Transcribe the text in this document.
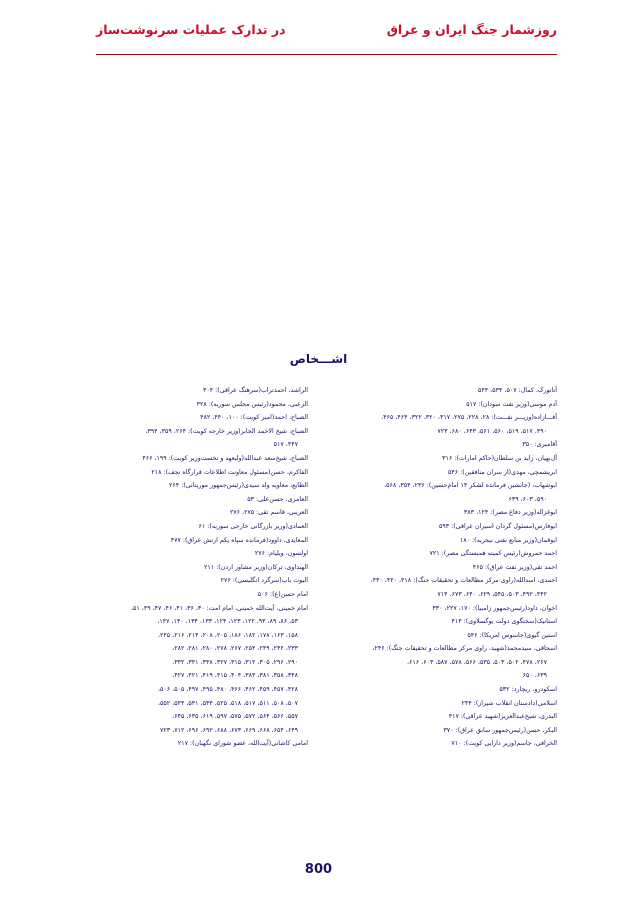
روزشمار جنگ ایران و عراق
در تدارک عملیات سرنوشت‌ساز
اشـــخاص
آتاتورک، کمال: ۵۰۷، ۵۳۴، ۵۴۴
آدم موسی(وزیر نفت سودان): ۵۱۷
آقـــازاده(وزیـــر نفـــت): ۲۸، ۲۲۸، ۲۷۵، ۳۱۷، ۳۲۰، ۳۲۲، ۴۶۴، ۴۶۵،
۴۹۰، ۵۱۷، ۵۱۹، ۵۶۰، ۵۶۱، ۶۴۳، ۶۸۰، ۷۲۳
آقامیری: ۳۵۰
آل‌نهیان، زاید بن سلطان(حاکم امارات): ۳۱۶
ابریشمچی، مهدی(از سران منافقین): ۵۴۶
ابوشهاب، (جانشین فرمانده لشکر ۱۴ امام‌حسین): ۲۳۶، ۳۵۴، ۵۶۸،
۵۹۰، ۶۰۳، ۶۳۹
ابوغزاله(وزیر دفاع مصر): ۱۲۴، ۳۸۳
ابوفارس(مسئول گردان اسیران عراقی): ۵۹۳
ابوقمان(وزیر منابع نفتی نیجریه): ۱۸۰
احمد حمروش(رئیس کمیته همبستگی مصر): ۷۲۱
احمد تقی(وزیر نفت عراق): ۴۶۵
احمدی، اسدالله(راوی مرکز مطالعات و تحقیقات جنگ): ۴۱۸، ۴۲۰، ۴۳۰،
۴۴۲، ۴۹۲، ۵۰۳، ۵۴۵، ۶۲۹، ۶۴۰، ۶۷۳، ۷۱۴
اخوان، داود(رئیس‌جمهور زامبیا): ۱۷۰، ۲۲۷، ۳۳۰
استانیک(سخنگوی دولت یوگسلاوی): ۴۱۳
استین گیوی(جاسوس امریکا): ۵۴۶
اسحاقی، سیدمحمد(شهید، راوی مرکز مطالعات و تحقیقات جنگ): ۲۴۶،
۲۶۷، ۴۷۸، ۵۰۲، ۵۰۳، ۵۳۵، ۵۶۶، ۵۷۸، ۵۸۷، ۶۰۳، ۶۱۶،
۶۳۹، ۶۵۰
اسکودرو، ریچارد: ۵۳۲
اسلامی(دادستان انقلاب شیراز): ۲۴۴
البدری، شیخ‌عبدالعزیز(شهید عراقی): ۴۱۷
البکر، حسن(رئیس‌جمهور سابق عراق): ۳۷۰
الخرافی، جاسم(وزیر دارایی کویت): ۷۱۰
الراشد، احمدتراب(سرهنگ عراقی): ۳۰۴
الزعبی، محمود(رئیس مجلس سوریه): ۳۲۸
الصباح، احمد(امیر کویت): ۱۰۰، ۴۴۰، ۴۸۲
الصباح، شیخ الاحمد الجابر(وزیر خارجه کویت): ۲۶۴، ۳۵۹، ۳۹۴،
۴۴۷، ۵۱۷
الصباح، شیخ‌سعد عبدالله(ولیعهد و نخست‌وزیر کویت): ۱۹۹، ۴۶۶
الفاکرم، حسن(مسئول معاونت اطلاعات قرارگاه نجف): ۲۱۸
الطایع، معاویه ولد سیدی(رئیس‌جمهور موریتانی): ۲۶۴
العامری، حسن‌علی: ۵۳
العریبی، قاسم تقی: ۲۷۵، ۲۷۶
العمادی(وزیر بازرگانی خارجی سوریه): ۶۱
المعایدی، داوود(فرمانده سپاه یکم ارتش عراق): ۴۷۷
اولسون، ویلیام: ۲۷۶
الهنداوی، ترکان(وزیر مشاور اردن): ۲۱۱
الیوت باب(سرگرد انگلیسی): ۲۷۶
امام حسن(ع): ۵۰۶
امام خمینی، آیت‌الله خمینی، امام امت: ۳۰، ۳۶، ۴۱، ۴۶، ۴۷، ۴۹، ۵۱،
۵۳، ۸۶، ۸۹، ۹۳، ۱۲۲، ۱۲۳، ۱۲۴، ۱۳۳، ۱۳۴، ۱۴۰، ۱۴۷،
۱۵۸، ۱۶۳، ۱۷۸، ۱۸۲، ۱۸۶، ۲۰۵، ۲۰۸، ۲۱۴، ۲۱۶، ۲۲۵،
۲۳۳، ۲۴۲، ۲۴۹، ۲۵۴، ۲۶۷، ۲۷۸، ۲۸۰، ۲۸۱، ۲۸۲،
۲۹۰، ۲۹۶، ۳۰۵، ۳۱۲، ۳۱۵، ۳۲۷، ۳۳۸، ۳۴۱، ۳۴۲،
۳۴۸، ۳۵۸، ۳۸۱، ۳۸۳، ۴۰۴، ۴۱۵، ۴۱۹، ۴۲۱، ۴۲۷،
۴۲۸، ۴۵۷، ۴۵۹، ۴۶۲، ۴۶۶، ۴۸۰، ۴۹۵، ۴۹۷، ۵۰۵، ۵۰۶،
۵۰۷، ۵۰۸، ۵۱۱، ۵۱۷، ۵۱۸، ۵۲۵، ۵۳۴، ۵۴۱، ۵۴۴، ۵۵۲،
۵۵۷، ۵۶۶، ۵۶۴، ۵۷۲، ۵۷۵، ۵۹۷، ۶۱۹، ۶۳۵، ۶۴۵،
۶۴۹، ۶۵۴، ۶۶۸، ۶۶۹، ۶۷۳، ۶۸۸، ۶۹۲، ۶۹۶، ۷۱۲، ۷۲۳
امامی کاشانی(آیت‌الله، عضو شورای نگهبان): ۲۱۷
800
